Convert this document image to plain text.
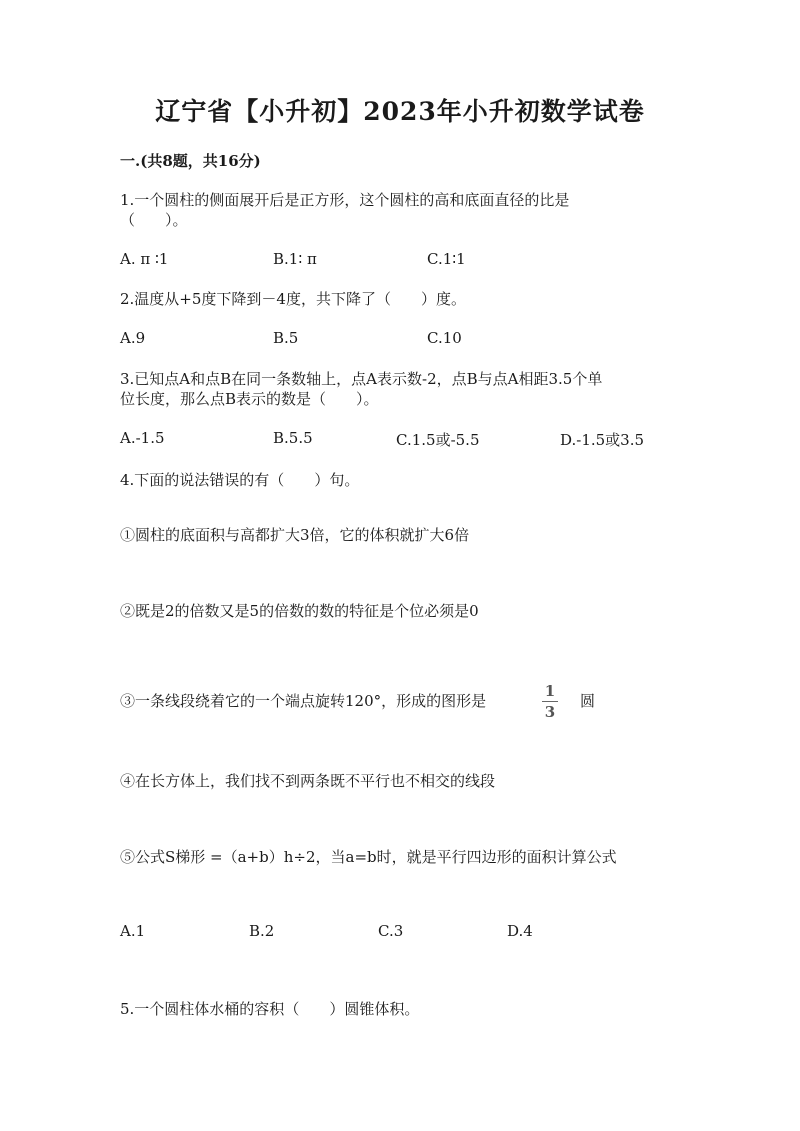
辽宁省【小升初】2023年小升初数学试卷
一.(共8题，共16分)
1.一个圆柱的侧面展开后是正方形，这个圆柱的高和底面直径的比是
（　　）。
A. π ∶1	B.1∶ π	C.1∶1
2.温度从+5度下降到－4度，共下降了（　　）度。
A.9	B.5	C.10
3.已知点A和点B在同一条数轴上，点A表示数-2，点B与点A相距3.5个单
位长度，那么点B表示的数是（　　）。
A.-1.5	B.5.5	C.1.5或-5.5	D.-1.5或3.5
4.下面的说法错误的有（　　）句。
①圆柱的底面积与高都扩大3倍，它的体积就扩大6倍
②既是2的倍数又是5的倍数的数的特征是个位必须是0
③一条线段绕着它的一个端点旋转120°，形成的图形是
1
3
圆
④在长方体上，我们找不到两条既不平行也不相交的线段
⑤公式S梯形 =（a+b）h÷2，当a=b时，就是平行四边形的面积计算公式
A.1	B.2	C.3	D.4
5.一个圆柱体水桶的容积（　　）圆锥体积。
